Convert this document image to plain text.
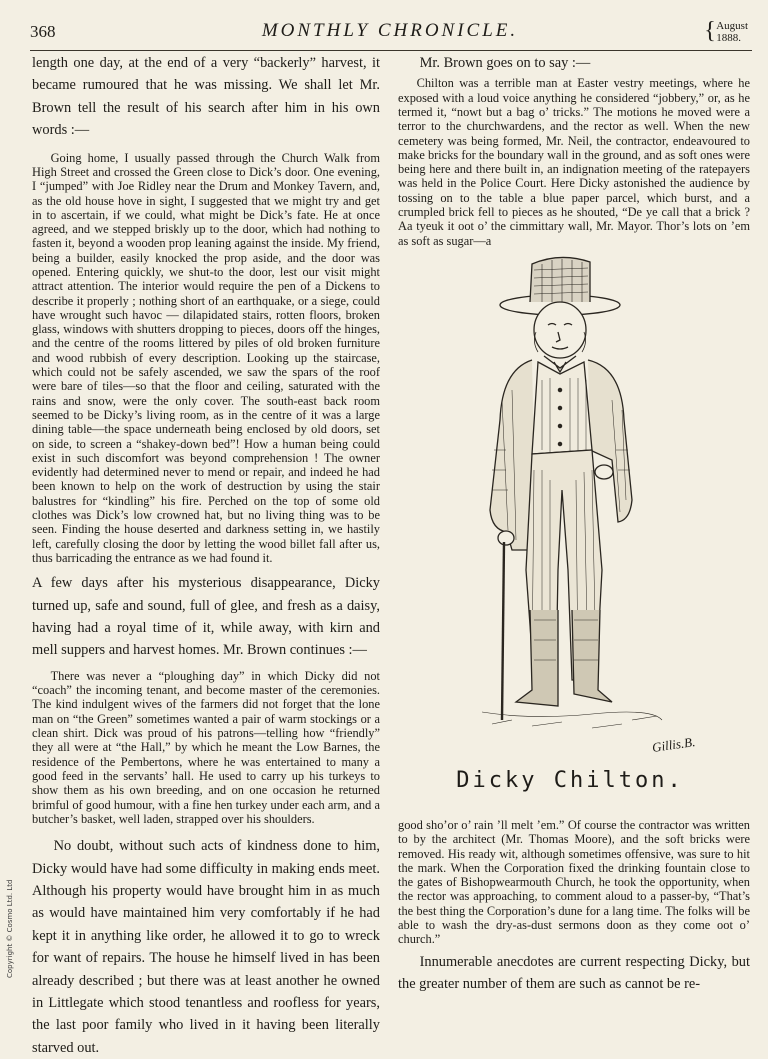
368	MONTHLY CHRONICLE.	{ August
1888.

length one day, at the end of a very “backerly” harvest, it became rumoured that he was missing. We shall let Mr. Brown tell the result of his search after him in his own words :—

Going home, I usually passed through the Church Walk from High Street and crossed the Green close to Dick’s door. One evening, I “jumped” with Joe Ridley near the Drum and Monkey Tavern, and, as the old house hove in sight, I suggested that we might try and get in to ascertain, if we could, what might be Dick’s fate. He at once agreed, and we stepped briskly up to the door, which had nothing to fasten it, beyond a wooden prop leaning against the inside. My friend, being a builder, easily knocked the prop aside, and the door was opened. Entering quickly, we shut-to the door, lest our visit might attract attention. The interior would require the pen of a Dickens to describe it properly ; nothing short of an earthquake, or a siege, could have wrought such havoc — dilapidated stairs, rotten floors, broken glass, windows with shutters dropping to pieces, doors off the hinges, and the centre of the rooms littered by piles of old broken furniture and wood rubbish of every description. Looking up the staircase, which could not be safely ascended, we saw the spars of the roof were bare of tiles—so that the floor and ceiling, saturated with the rains and snow, were the only cover. The south-east back room seemed to be Dicky’s living room, as in the centre of it was a large dining table—the space underneath being enclosed by old doors, set on side, to screen a “shakey-down bed”! How a human being could exist in such discomfort was beyond comprehension ! The owner evidently had determined never to mend or repair, and indeed he had been known to help on the work of destruction by using the stair balustres for “kindling” his fire. Perched on the top of some old clothes was Dick’s low crowned hat, but no living thing was to be seen. Finding the house deserted and darkness setting in, we hastily left, carefully closing the door by letting the wood billet fall after us, thus barricading the entrance as we had found it.

A few days after his mysterious disappearance, Dicky turned up, safe and sound, full of glee, and fresh as a daisy, having had a royal time of it, while away, with kirn and mell suppers and harvest homes. Mr. Brown continues :—

There was never a “ploughing day” in which Dicky did not “coach” the incoming tenant, and become master of the ceremonies. The kind indulgent wives of the farmers did not forget that the lone man on “the Green” sometimes wanted a pair of warm stockings or a clean shirt. Dick was proud of his patrons—telling how “friendly” they all were at “the Hall,” by which he meant the Low Barnes, the residence of the Pembertons, where he was entertained to many a good feed in the servants’ hall. He used to carry up his turkeys to show them as his own breeding, and on one occasion he returned brimful of good humour, with a fine hen turkey under each arm, and a butcher’s basket, well laden, strapped over his shoulders.

No doubt, without such acts of kindness done to him, Dicky would have had some difficulty in making ends meet. Although his property would have brought him in as much as would have maintained him very comfortably if he had kept it in anything like order, he allowed it to go to wreck for want of repairs. The house he himself lived in has been already described ; but there was at least another he owned in Littlegate which stood tenantless and roofless for years, the last poor family who lived in it having been literally starved out.

Mr. Brown goes on to say :—

Chilton was a terrible man at Easter vestry meetings, where he exposed with a loud voice anything he considered “jobbery,” or, as he termed it, “nowt but a bag o’ tricks.” The motions he moved were a terror to the churchwardens, and the rector as well. When the new cemetery was being formed, Mr. Neil, the contractor, endeavoured to make bricks for the boundary wall in the ground, and as soft ones were being here and there built in, an indignation meeting of the ratepayers was held in the Police Court. Here Dicky astonished the audience by tossing on to the table a blue paper parcel, which burst, and a crumpled brick fell to pieces as he shouted, “De ye call that a brick ? Aa tyeuk it oot o’ the cimmittary wall, Mr. Mayor. Thor’s lots on ’em as soft as sugar—a

Gillis.B.
Dicky Chilton.

good sho’or o’ rain ’ll melt ’em.” Of course the contractor was written to by the architect (Mr. Thomas Moore), and the soft bricks were removed. His ready wit, although sometimes offensive, was sure to hit the mark. When the Corporation fixed the drinking fountain close to the gates of Bishopwearmouth Church, he took the opportunity, when the rector was approaching, to comment aloud to a passer-by, “That’s the best thing the Corporation’s dune for a lang time. The folks will be able to wash the dry-as-dust sermons doon as they come oot o’ church.”

Innumerable anecdotes are current respecting Dicky, but the greater number of them are such as cannot be re-

Copyright © Cosmo Ltd. Ltd
